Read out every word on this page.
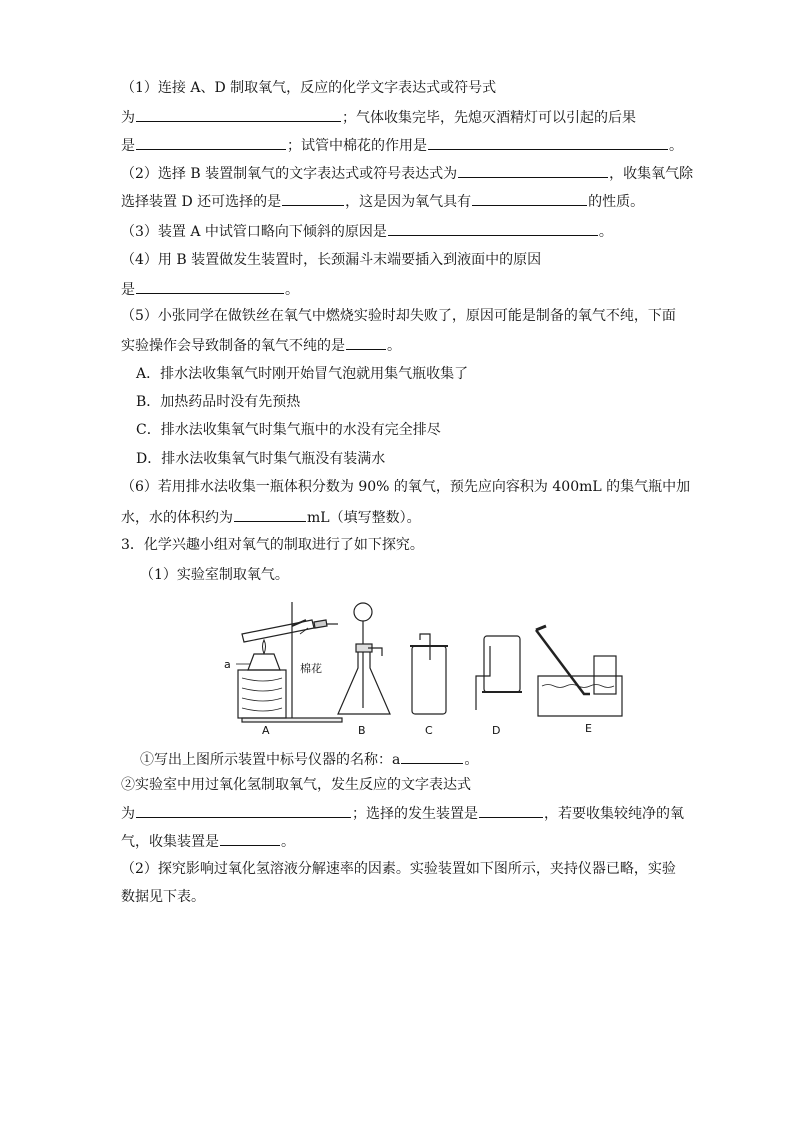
（1）连接 A、D 制取氧气，反应的化学文字表达式或符号式
为	；气体收集完毕，先熄灭酒精灯可以引起的后果
是	；试管中棉花的作用是	。
（2）选择 B 装置制氧气的文字表达式或符号表达式为	，收集氧气除
选择装置 D 还可选择的是	，这是因为氧气具有	的性质。
（3）装置 A 中试管口略向下倾斜的原因是	。
（4）用 B 装置做发生装置时，长颈漏斗末端要插入到液面中的原因
是	。
（5）小张同学在做铁丝在氧气中燃烧实验时却失败了，原因可能是制备的氧气不纯，下面
实验操作会导致制备的氧气不纯的是	。
A．排水法收集氧气时刚开始冒气泡就用集气瓶收集了
B．加热药品时没有先预热
C．排水法收集氧气时集气瓶中的水没有完全排尽
D．排水法收集氧气时集气瓶没有装满水
（6）若用排水法收集一瓶体积分数为 90% 的氧气，预先应向容积为 400mL 的集气瓶中加
水，水的体积约为	mL（填写整数）。
3．化学兴趣小组对氧气的制取进行了如下探究。
（1）实验室制取氧气。
a	棉花
A	B	C	D	E
①写出上图所示装置中标号仪器的名称：a	。
②实验室中用过氧化氢制取氧气，发生反应的文字表达式
为	；选择的发生装置是	，若要收集较纯净的氧
气，收集装置是	。
（2）探究影响过氧化氢溶液分解速率的因素。实验装置如下图所示，夹持仪器已略，实验
数据见下表。
